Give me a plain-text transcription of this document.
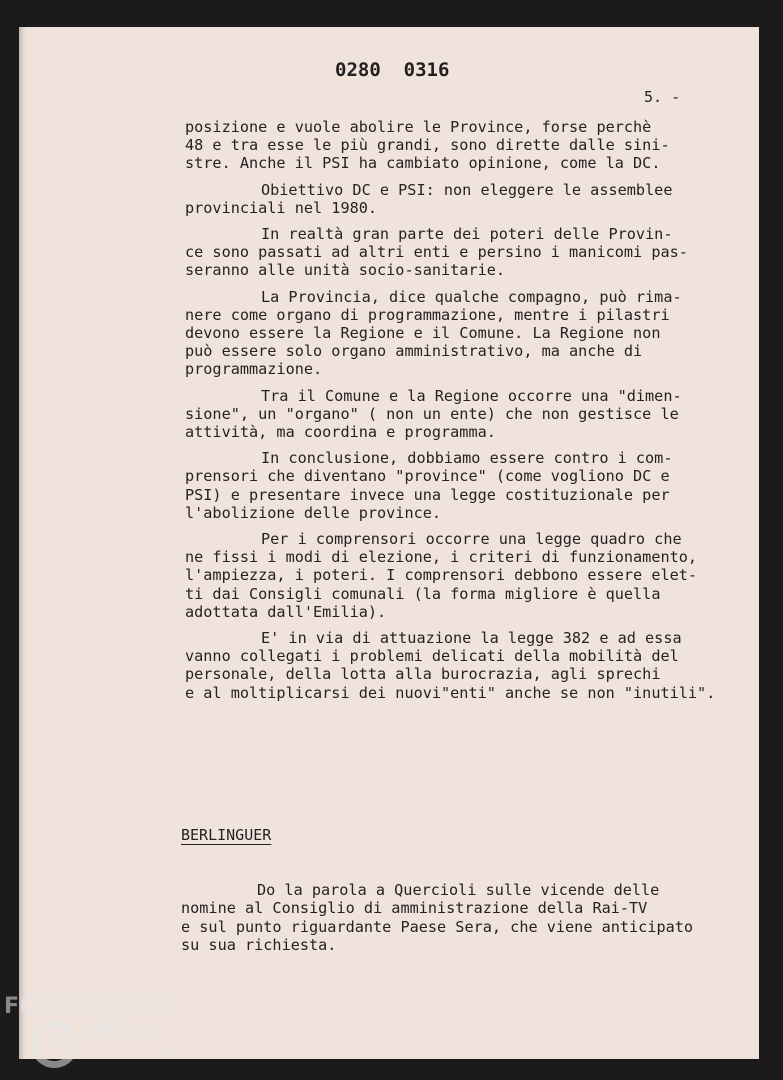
0280  0316
5. -

posizione e vuole abolire le Province, forse perchè
48 e tra esse le più grandi, sono dirette dalle sini-
stre. Anche il PSI ha cambiato opinione, come la DC.

Obiettivo DC e PSI: non eleggere le assemblee
provinciali nel 1980.

In realtà gran parte dei poteri delle Provin-
ce sono passati ad altri enti e persino i manicomi pas-
seranno alle unità socio-sanitarie.

La Provincia, dice qualche compagno, può rima-
nere come organo di programmazione, mentre i pilastri
devono essere la Regione e il Comune. La Regione non
può essere solo organo amministrativo, ma anche di
programmazione.

Tra il Comune e la Regione occorre una "dimen-
sione", un "organo" ( non un ente) che non gestisce le
attività, ma coordina e programma.

In conclusione, dobbiamo essere contro i com-
prensori che diventano "province" (come vogliono DC e
PSI) e presentare invece una legge costituzionale per
l'abolizione delle province.

Per i comprensori occorre una legge quadro che
ne fissi i modi di elezione, i criteri di funzionamento,
l'ampiezza, i poteri. I comprensori debbono essere elet-
ti dai Consigli comunali (la forma migliore è quella
adottata dall'Emilia).

E' in via di attuazione la legge 382 e ad essa
vanno collegati i problemi delicati della mobilità del
personale, della lotta alla burocrazia, agli sprechi
e al moltiplicarsi dei nuovi"enti" anche se non "inutili".

BERLINGUER
Do la parola a Quercioli sulle vicende delle
nomine al Consiglio di amministrazione della Rai-TV
e sul punto riguardante Paese Sera, che viene anticipato
su sua richiesta.
FONDAZIONE
RAMSCI
onlus
